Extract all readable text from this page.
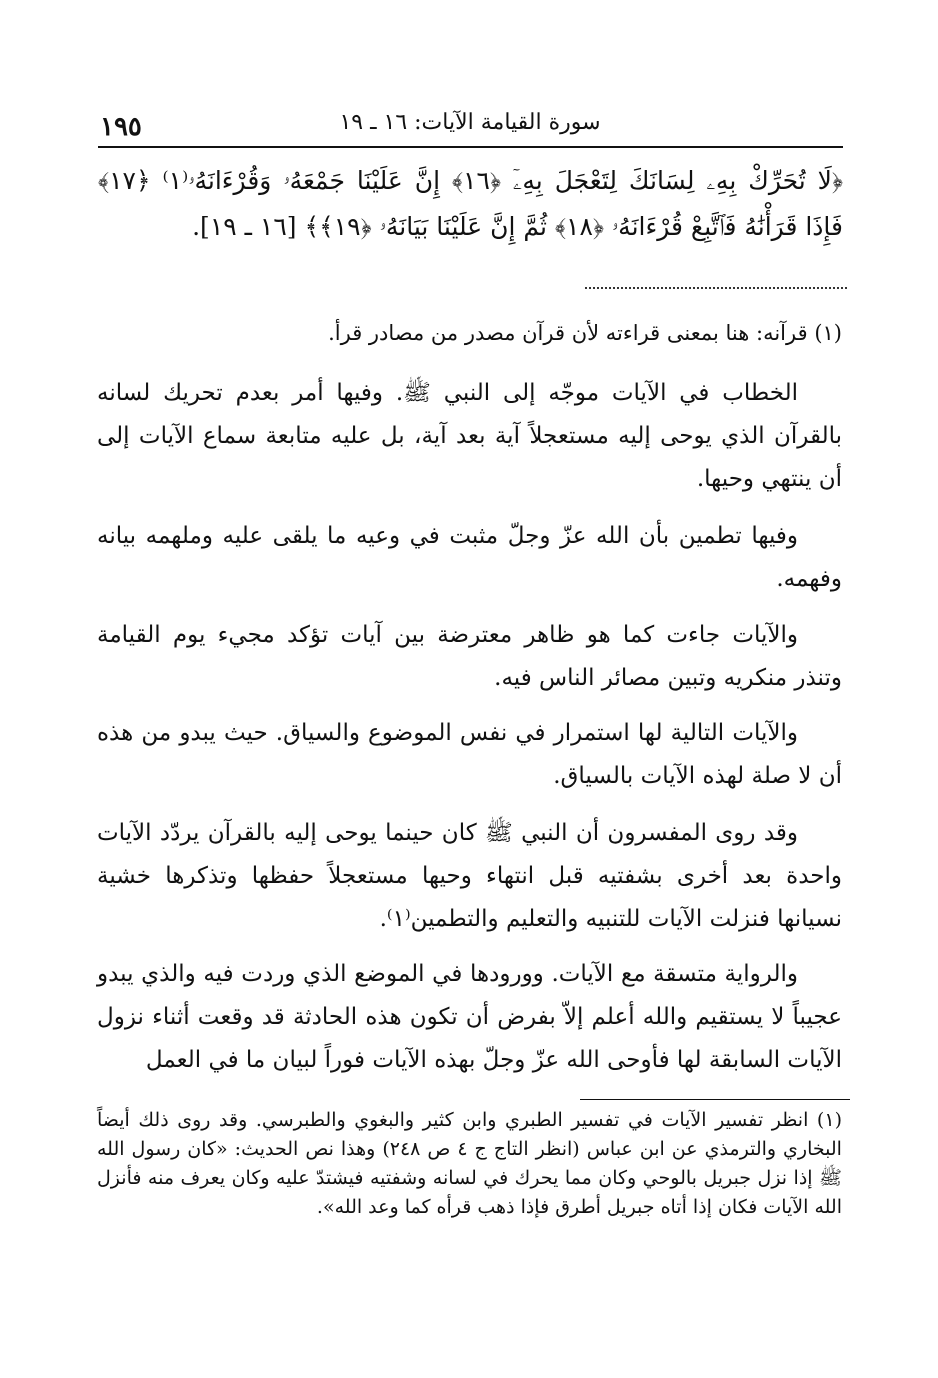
١٩٥	سورة القيامة الآيات: ١٦ ـ ١٩
﴿لَا تُحَرِّكْ بِهِۦ لِسَانَكَ لِتَعْجَلَ بِهِۦٓ ﴿١٦﴾ إِنَّ عَلَيْنَا جَمْعَهُۥ وَقُرْءَانَهُۥ⁽١⁾ ﴿١٧﴾ فَإِذَا قَرَأْنَٰهُ فَٱتَّبِعْ قُرْءَانَهُۥ ﴿١٨﴾ ثُمَّ إِنَّ عَلَيْنَا بَيَانَهُۥ ﴿١٩﴾﴾ [١٦ ـ ١٩].
(١) قرآنه: هنا بمعنى قراءته لأن قرآن مصدر من مصادر قرأ.
الخطاب في الآيات موجّه إلى النبي ﷺ. وفيها أمر بعدم تحريك لسانه بالقرآن الذي يوحى إليه مستعجلاً آية بعد آية، بل عليه متابعة سماع الآيات إلى أن ينتهي وحيها.
وفيها تطمين بأن الله عزّ وجلّ مثبت في وعيه ما يلقى عليه وملهمه بيانه وفهمه.
والآيات جاءت كما هو ظاهر معترضة بين آيات تؤكد مجيء يوم القيامة وتنذر منكريه وتبين مصائر الناس فيه.
والآيات التالية لها استمرار في نفس الموضوع والسياق. حيث يبدو من هذه أن لا صلة لهذه الآيات بالسياق.
وقد روى المفسرون أن النبي ﷺ كان حينما يوحى إليه بالقرآن يردّد الآيات واحدة بعد أخرى بشفتيه قبل انتهاء وحيها مستعجلاً حفظها وتذكرها خشية نسيانها فنزلت الآيات للتنبيه والتعليم والتطمين⁽١⁾.
والرواية متسقة مع الآيات. وورودها في الموضع الذي وردت فيه والذي يبدو عجيباً لا يستقيم والله أعلم إلاّ بفرض أن تكون هذه الحادثة قد وقعت أثناء نزول الآيات السابقة لها فأوحى الله عزّ وجلّ بهذه الآيات فوراً لبيان ما في العمل
(١) انظر تفسير الآيات في تفسير الطبري وابن كثير والبغوي والطبرسي. وقد روى ذلك أيضاً البخاري والترمذي عن ابن عباس (انظر التاج ج ٤ ص ٢٤٨) وهذا نص الحديث: «كان رسول الله ﷺ إذا نزل جبريل بالوحي وكان مما يحرك في لسانه وشفتيه فيشتدّ عليه وكان يعرف منه فأنزل الله الآيات فكان إذا أتاه جبريل أطرق فإذا ذهب قرأه كما وعد الله».
